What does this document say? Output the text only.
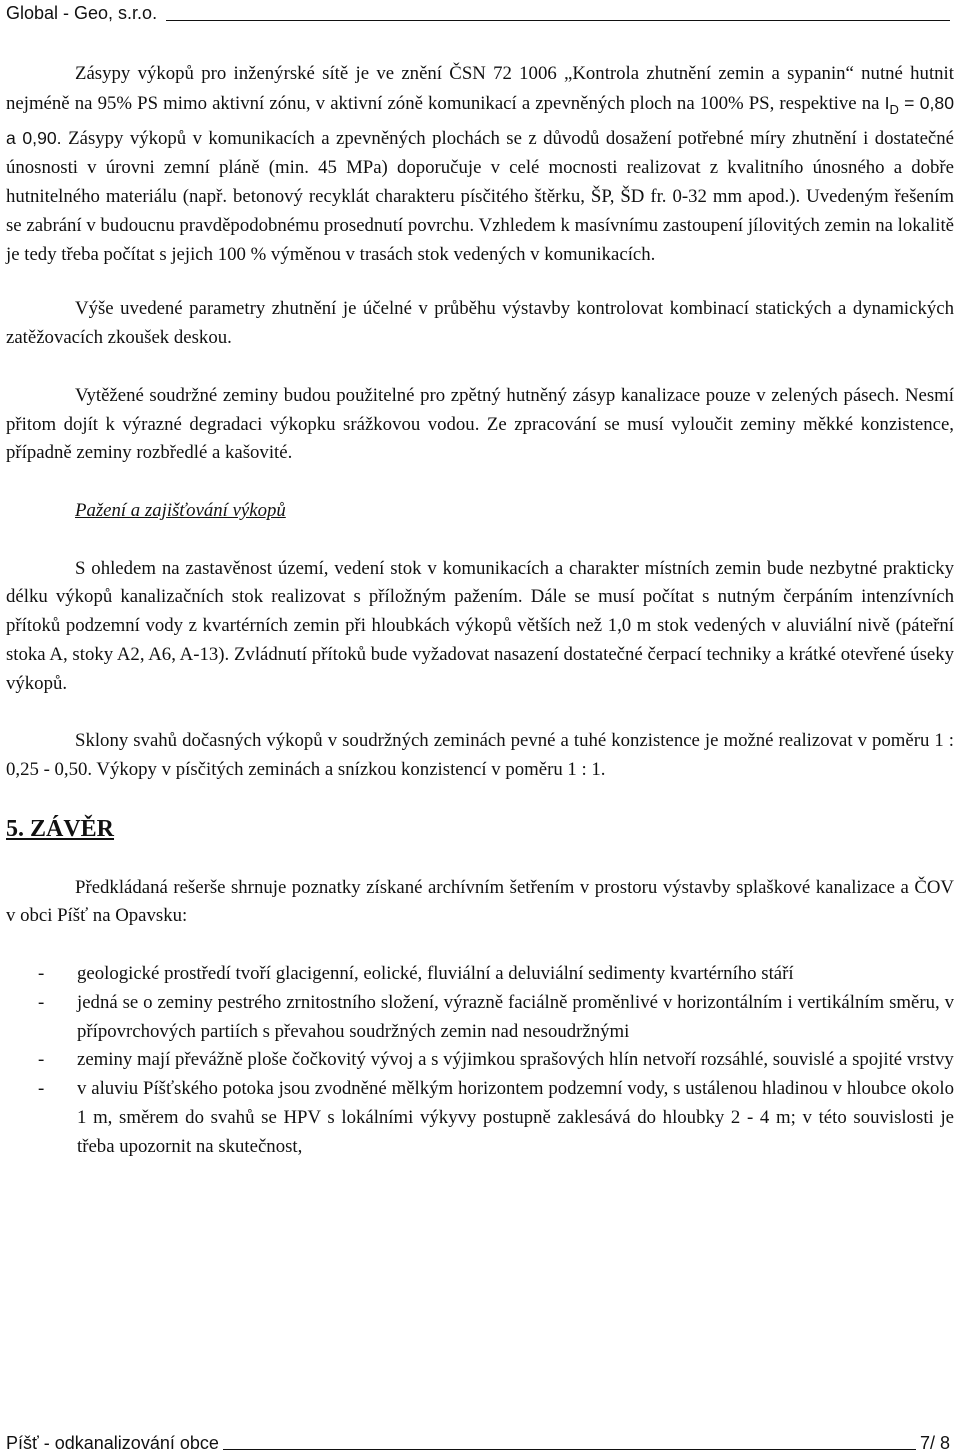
Global - Geo, s.r.o.

Zásypy výkopů pro inženýrské sítě je ve znění ČSN 72 1006 „Kontrola zhutnění zemin a sypanin“ nutné hutnit nejméně na 95% PS mimo aktivní zónu, v aktivní zóně komunikací a zpevněných ploch na 100% PS, respektive na $I_D = 0,80$ a 0,90. Zásypy výkopů v komunikacích a zpevněných plochách se z důvodů dosažení potřebné míry zhutnění i dostatečné únosnosti v úrovni zemní pláně (min. 45 MPa) doporučuje v celé mocnosti realizovat z kvalitního únosného a dobře hutnitelného materiálu (např. betonový recyklát charakteru písčitého štěrku, ŠP, ŠD fr. 0-32 mm apod.). Uvedeným řešením se zabrání v budoucnu pravděpodobnému prosednutí povrchu. Vzhledem k masívnímu zastoupení jílovitých zemin na lokalitě je tedy třeba počítat s jejich 100 % výměnou v trasách stok vedených v komunikacích.

Výše uvedené parametry zhutnění je účelné v průběhu výstavby kontrolovat kombinací statických a dynamických zatěžovacích zkoušek deskou.

Vytěžené soudržné zeminy budou použitelné pro zpětný hutněný zásyp kanalizace pouze v zelených pásech. Nesmí přitom dojít k výrazné degradaci výkopku srážkovou vodou. Ze zpracování se musí vyloučit zeminy měkké konzistence, případně zeminy rozbředlé a kašovité.

Pažení a zajišťování výkopů

S ohledem na zastavěnost území, vedení stok v komunikacích a charakter místních zemin bude nezbytné prakticky délku výkopů kanalizačních stok realizovat s příložným pažením. Dále se musí počítat s nutným čerpáním intenzívních přítoků podzemní vody z kvartérních zemin při hloubkách výkopů větších než 1,0 m stok vedených v aluviální nivě (páteřní stoka A, stoky A2, A6, A-13). Zvládnutí přítoků bude vyžadovat nasazení dostatečné čerpací techniky a krátké otevřené úseky výkopů.

Sklony svahů dočasných výkopů v soudržných zeminách pevné a tuhé konzistence je možné realizovat v poměru 1 : 0,25 - 0,50. Výkopy v písčitých zeminách a snízkou konzistencí v poměru 1 : 1.

5. ZÁVĚR

Předkládaná rešerše shrnuje poznatky získané archívním šetřením v prostoru výstavby splaškové kanalizace a ČOV v obci Píšť na Opavsku:

- geologické prostředí tvoří glacigenní, eolické, fluviální a deluviální sedimenty kvartérního stáří
- jedná se o zeminy pestrého zrnitostního složení, výrazně faciálně proměnlivé v horizontálním i vertikálním směru, v přípovrchových partiích s převahou soudržných zemin nad nesoudržnými
- zeminy mají převážně ploše čočkovitý vývoj a s výjimkou sprašových hlín netvoří rozsáhlé, souvislé a spojité vrstvy
- v aluviu Píšťského potoka jsou zvodněné mělkým horizontem podzemní vody, s ustálenou hladinou v hloubce okolo 1 m, směrem do svahů se HPV s lokálními výkyvy postupně zaklesává do hloubky 2 - 4 m; v této souvislosti je třeba upozornit na skutečnost,
Píšť - odkanalizování obce	7/ 8
